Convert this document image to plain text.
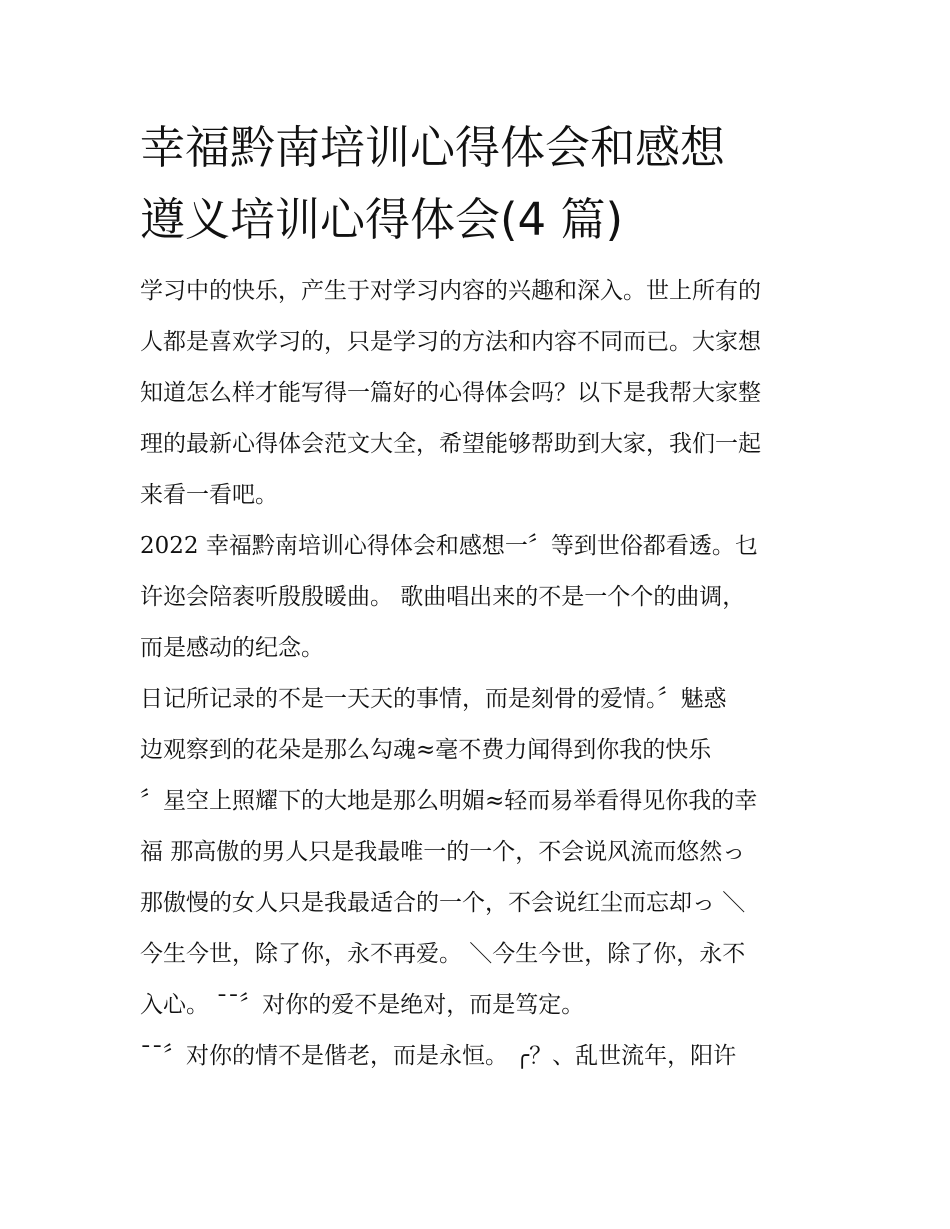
幸福黔南培训心得体会和感想
遵义培训心得体会(4 篇)

学习中的快乐，产生于对学习内容的兴趣和深入。世上所有的
人都是喜欢学习的，只是学习的方法和内容不同而已。大家想
知道怎么样才能写得一篇好的心得体会吗？以下是我帮大家整
理的最新心得体会范文大全，希望能够帮助到大家，我们一起
来看一看吧。

2022 幸福黔南培训心得体会和感想一〞等到世俗都看透。乜
许迩会陪袠听殷殷暖曲。 歌曲唱出来的不是一个个的曲调，
而是感动的纪念。

日记所记录的不是一天天的事情，而是刻骨的爱情。〞魅惑
边观察到的花朵是那么勾魂≈毫不费力闻得到你我的快乐
〞星空上照耀下的大地是那么明媚≈轻而易举看得见你我的幸
福 那高傲的男人只是我最唯一的一个，不会说风流而悠然っ
那傲慢的女人只是我最适合的一个，不会说红尘而忘却っ ＼
今生今世，除了你，永不再爱。 ＼今生今世，除了你，永不
入心。 ¯¯〞对你的爱不是绝对，而是笃定。

¯¯〞对你的情不是偕老，而是永恒。 ╭？、乱世流年，阳许
